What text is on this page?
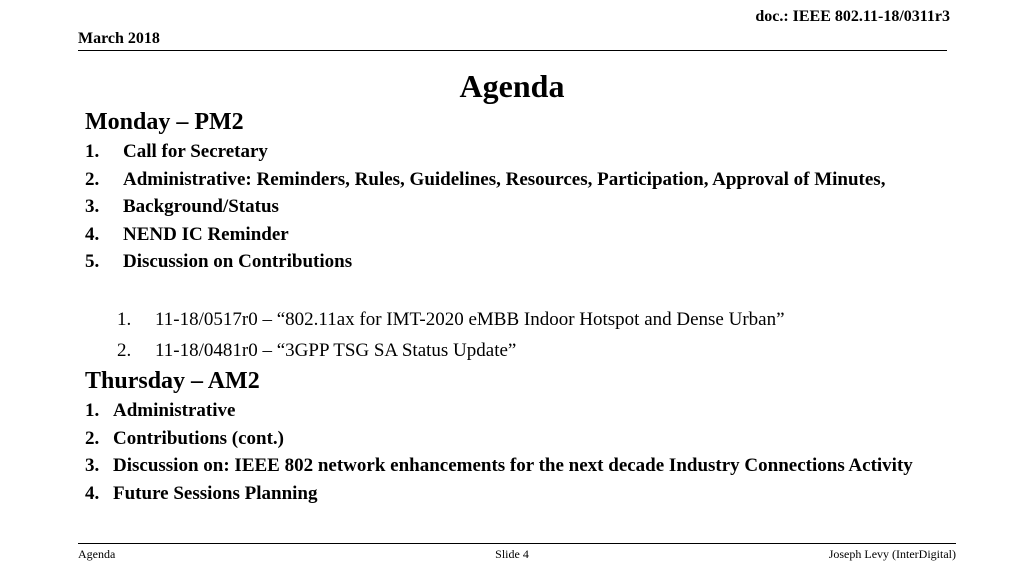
doc.: IEEE 802.11-18/0311r3
March 2018
Agenda
Monday – PM2
1. Call for Secretary
2. Administrative: Reminders, Rules, Guidelines, Resources, Participation, Approval of Minutes,
3. Background/Status
4. NEND IC Reminder
5. Discussion on Contributions
1. 11-18/0517r0 – “802.11ax for IMT-2020 eMBB Indoor Hotspot and Dense Urban”
2. 11-18/0481r0 – “3GPP TSG SA Status Update”
Thursday – AM2
1. Administrative
2. Contributions (cont.)
3. Discussion on: IEEE 802 network enhancements for the next decade Industry Connections Activity
4. Future Sessions Planning
Agenda	Slide 4	Joseph Levy (InterDigital)
